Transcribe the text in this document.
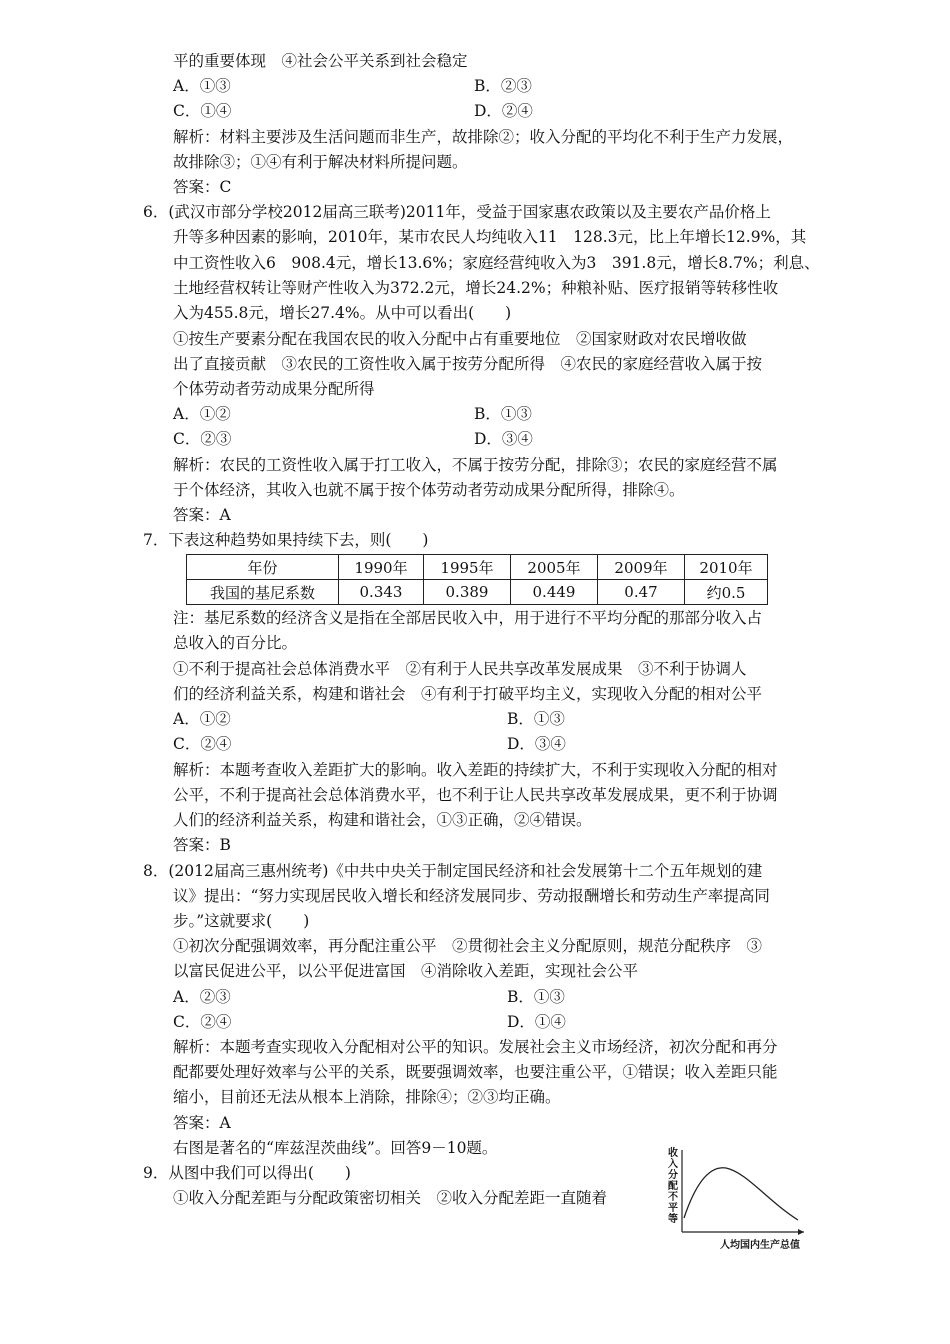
平的重要体现　④社会公平关系到社会稳定
A．①③	B．②③
C．①④	D．②④
解析：材料主要涉及生活问题而非生产，故排除②；收入分配的平均化不利于生产力发展，
故排除③；①④有利于解决材料所提问题。
答案：C
6．(武汉市部分学校2012届高三联考)2011年，受益于国家惠农政策以及主要农产品价格上
升等多种因素的影响，2010年，某市农民人均纯收入11　128.3元，比上年增长12.9%，其
中工资性收入6　908.4元，增长13.6%；家庭经营纯收入为3　391.8元，增长8.7%；利息、
土地经营权转让等财产性收入为372.2元，增长24.2%；种粮补贴、医疗报销等转移性收
入为455.8元，增长27.4%。从中可以看出(　　)
①按生产要素分配在我国农民的收入分配中占有重要地位　②国家财政对农民增收做
出了直接贡献　③农民的工资性收入属于按劳分配所得　④农民的家庭经营收入属于按
个体劳动者劳动成果分配所得
A．①②	B．①③
C．②③	D．③④
解析：农民的工资性收入属于打工收入，不属于按劳分配，排除③；农民的家庭经营不属
于个体经济，其收入也就不属于按个体劳动者劳动成果分配所得，排除④。
答案：A
7．下表这种趋势如果持续下去，则(　　)
年份	1990年	1995年	2005年	2009年	2010年
我国的基尼系数	0.343	0.389	0.449	0.47	约0.5
注：基尼系数的经济含义是指在全部居民收入中，用于进行不平均分配的那部分收入占
总收入的百分比。
①不利于提高社会总体消费水平　②有利于人民共享改革发展成果　③不利于协调人
们的经济利益关系，构建和谐社会　④有利于打破平均主义，实现收入分配的相对公平
A．①②	B．①③
C．②④	D．③④
解析：本题考查收入差距扩大的影响。收入差距的持续扩大，不利于实现收入分配的相对
公平，不利于提高社会总体消费水平，也不利于让人民共享改革发展成果，更不利于协调
人们的经济利益关系，构建和谐社会，①③正确，②④错误。
答案：B
8．(2012届高三惠州统考)《中共中央关于制定国民经济和社会发展第十二个五年规划的建
议》提出：“努力实现居民收入增长和经济发展同步、劳动报酬增长和劳动生产率提高同
步。”这就要求(　　)
①初次分配强调效率，再分配注重公平　②贯彻社会主义分配原则，规范分配秩序　③
以富民促进公平，以公平促进富国　④消除收入差距，实现社会公平
A．②③	B．①③
C．②④	D．①④
解析：本题考查实现收入分配相对公平的知识。发展社会主义市场经济，初次分配和再分
配都要处理好效率与公平的关系，既要强调效率，也要注重公平，①错误；收入差距只能
缩小，目前还无法从根本上消除，排除④；②③均正确。
答案：A
右图是著名的“库兹涅茨曲线”。回答9－10题。
9．从图中我们可以得出(　　)
①收入分配差距与分配政策密切相关　②收入分配差距一直随着
收入分配不平等
人均国内生产总值
